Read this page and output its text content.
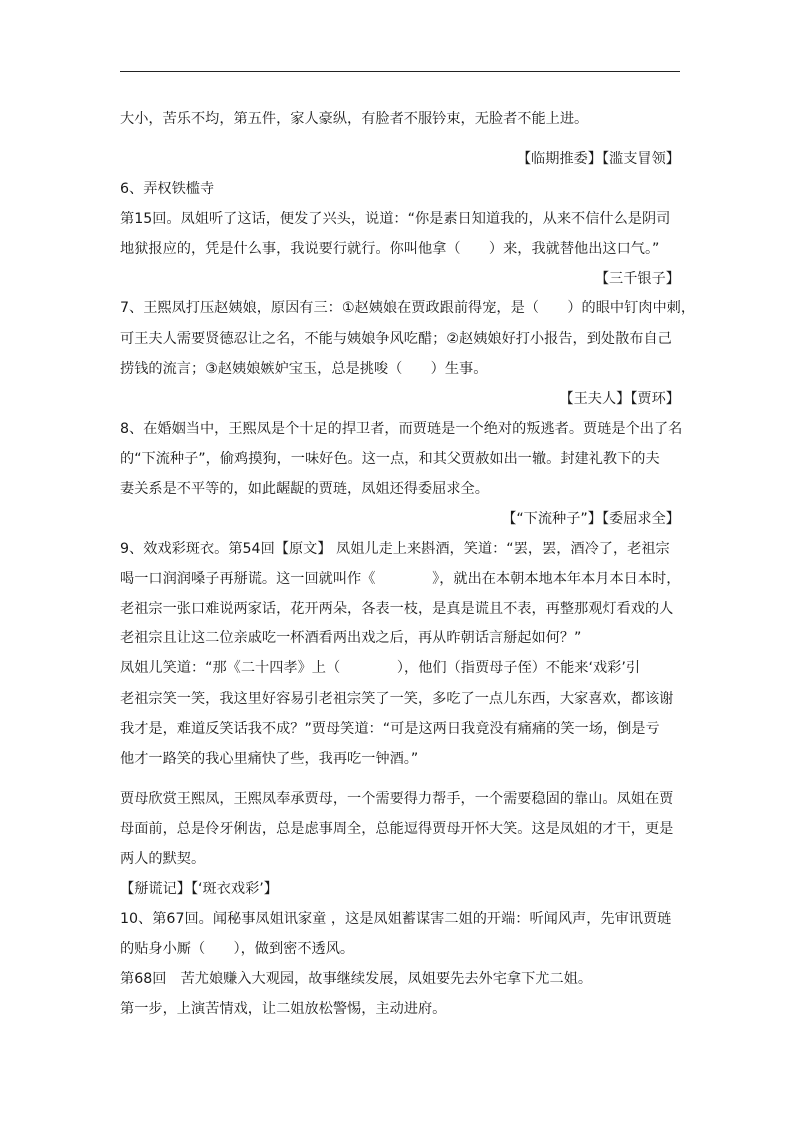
大小，苦乐不均，第五件，家人豪纵，有脸者不服钤束，无脸者不能上进。
【临期推委】【滥支冒领】
6、弄权铁槛寺
第15回。凤姐听了这话，便发了兴头，说道：“你是素日知道我的，从来不信什么是阴司
地狱报应的，凭是什么事，我说要行就行。你叫他拿（　　）来，我就替他出这口气。”
【三千银子】
7、王熙凤打压赵姨娘，原因有三：①赵姨娘在贾政跟前得宠，是（　　）的眼中钉肉中刺，
可王夫人需要贤德忍让之名，不能与姨娘争风吃醋；②赵姨娘好打小报告，到处散布自己
捞钱的流言；③赵姨娘嫉妒宝玉，总是挑唆（　　）生事。
【王夫人】【贾环】
8、在婚姻当中，王熙凤是个十足的捍卫者，而贾琏是一个绝对的叛逃者。贾琏是个出了名
的“下流种子”，偷鸡摸狗，一味好色。这一点，和其父贾赦如出一辙。封建礼教下的夫
妻关系是不平等的，如此龌龊的贾琏，凤姐还得委屈求全。
【“下流种子”】【委屈求全】
9、效戏彩斑衣。第54回【原文】 凤姐儿走上来斟酒，笑道：“罢，罢，酒冷了，老祖宗
喝一口润润嗓子再掰谎。这一回就叫作《　　　　》，就出在本朝本地本年本月本日本时，
老祖宗一张口难说两家话，花开两朵，各表一枝，是真是谎且不表，再整那观灯看戏的人
老祖宗且让这二位亲戚吃一杯酒看两出戏之后，再从昨朝话言掰起如何？”
凤姐儿笑道：“那《二十四孝》上（　　　　），他们（指贾母子侄）不能来‘戏彩’引
老祖宗笑一笑，我这里好容易引老祖宗笑了一笑，多吃了一点儿东西，大家喜欢，都该谢
我才是，难道反笑话我不成？”贾母笑道：“可是这两日我竟没有痛痛的笑一场，倒是亏
他才一路笑的我心里痛快了些，我再吃一钟酒。”
贾母欣赏王熙凤，王熙凤奉承贾母，一个需要得力帮手，一个需要稳固的靠山。凤姐在贾
母面前，总是伶牙俐齿，总是虑事周全，总能逗得贾母开怀大笑。这是凤姐的才干，更是
两人的默契。
【掰谎记】【‘斑衣戏彩’】
10、第67回。闻秘事凤姐讯家童 ，这是凤姐蓄谋害二姐的开端：听闻风声，先审讯贾琏
的贴身小厮（　　），做到密不透风。
第68回　苦尤娘赚入大观园，故事继续发展，凤姐要先去外宅拿下尤二姐。
第一步，上演苦情戏，让二姐放松警惕，主动进府。
